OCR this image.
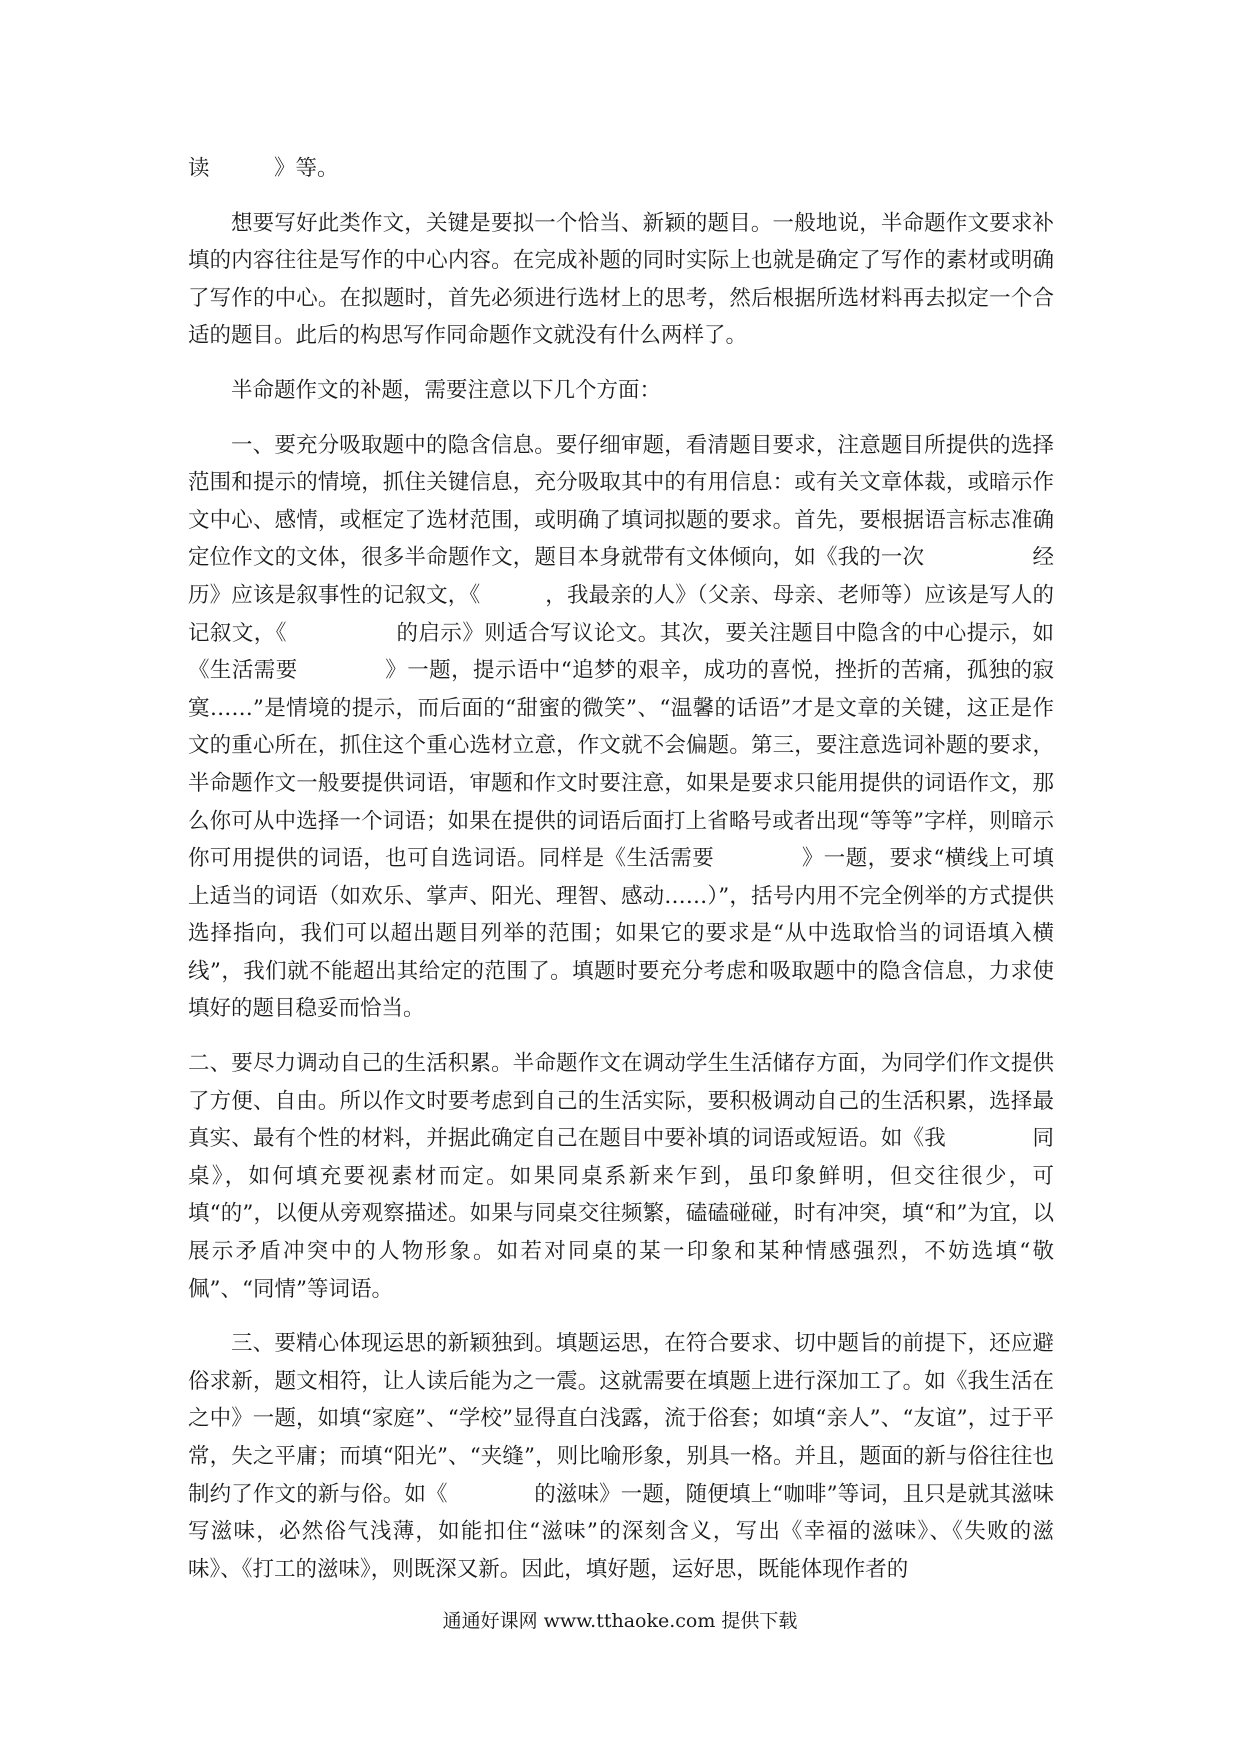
读　　　》等。

想要写好此类作文，关键是要拟一个恰当、新颖的题目。一般地说，半命题作文要求补填的内容往往是写作的中心内容。在完成补题的同时实际上也就是确定了写作的素材或明确了写作的中心。在拟题时，首先必须进行选材上的思考，然后根据所选材料再去拟定一个合适的题目。此后的构思写作同命题作文就没有什么两样了。

半命题作文的补题，需要注意以下几个方面：

一、要充分吸取题中的隐含信息。要仔细审题，看清题目要求，注意题目所提供的选择范围和提示的情境，抓住关键信息，充分吸取其中的有用信息：或有关文章体裁，或暗示作文中心、感情，或框定了选材范围，或明确了填词拟题的要求。首先，要根据语言标志准确定位作文的文体，很多半命题作文，题目本身就带有文体倾向，如《我的一次　　　　　经历》应该是叙事性的记叙文，《　　　，我最亲的人》（父亲、母亲、老师等）应该是写人的记叙文，《　　　　　的启示》则适合写议论文。其次，要关注题目中隐含的中心提示，如《生活需要　　　　》一题，提示语中“追梦的艰辛，成功的喜悦，挫折的苦痛，孤独的寂寞……”是情境的提示，而后面的“甜蜜的微笑”、“温馨的话语”才是文章的关键，这正是作文的重心所在，抓住这个重心选材立意，作文就不会偏题。第三，要注意选词补题的要求，半命题作文一般要提供词语，审题和作文时要注意，如果是要求只能用提供的词语作文，那么你可从中选择一个词语；如果在提供的词语后面打上省略号或者出现“等等”字样，则暗示你可用提供的词语，也可自选词语。同样是《生活需要　　　　》一题，要求“横线上可填上适当的词语（如欢乐、掌声、阳光、理智、感动……）”，括号内用不完全例举的方式提供选择指向，我们可以超出题目列举的范围；如果它的要求是“从中选取恰当的词语填入横线”，我们就不能超出其给定的范围了。填题时要充分考虑和吸取题中的隐含信息，力求使填好的题目稳妥而恰当。

二、要尽力调动自己的生活积累。半命题作文在调动学生生活储存方面，为同学们作文提供了方便、自由。所以作文时要考虑到自己的生活实际，要积极调动自己的生活积累，选择最真实、最有个性的材料，并据此确定自己在题目中要补填的词语或短语。如《我　　　　同桌》，如何填充要视素材而定。如果同桌系新来乍到，虽印象鲜明，但交往很少，可填“的”，以便从旁观察描述。如果与同桌交往频繁，磕磕碰碰，时有冲突，填“和”为宜，以展示矛盾冲突中的人物形象。如若对同桌的某一印象和某种情感强烈，不妨选填“敬佩”、“同情”等词语。

三、要精心体现运思的新颖独到。填题运思，在符合要求、切中题旨的前提下，还应避俗求新，题文相符，让人读后能为之一震。这就需要在填题上进行深加工了。如《我生活在　　之中》一题，如填“家庭”、“学校”显得直白浅露，流于俗套；如填“亲人”、“友谊”，过于平常，失之平庸；而填“阳光”、“夹缝”，则比喻形象，别具一格。并且，题面的新与俗往往也制约了作文的新与俗。如《　　　　的滋味》一题，随便填上“咖啡”等词，且只是就其滋味写滋味，必然俗气浅薄，如能扣住“滋味”的深刻含义，写出《幸福的滋味》、《失败的滋味》、《打工的滋味》，则既深又新。因此，填好题，运好思，既能体现作者的

通通好课网 www.tthaoke.com 提供下载
